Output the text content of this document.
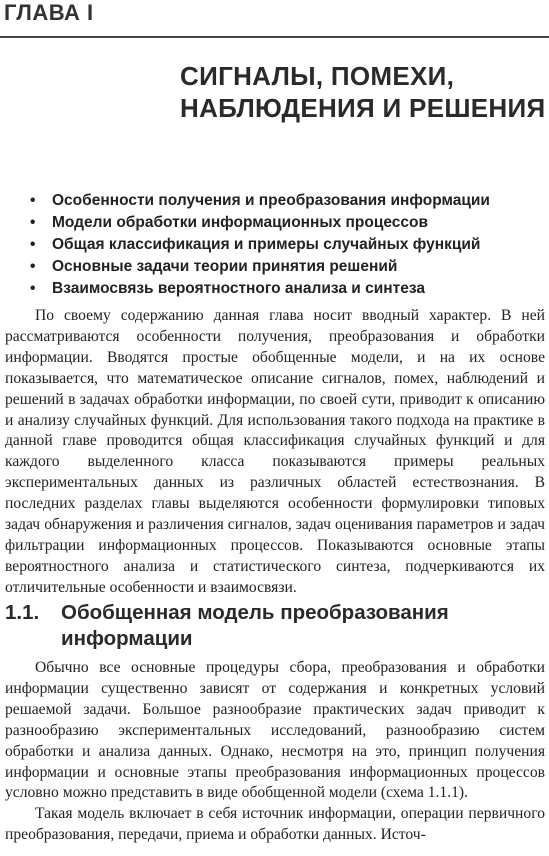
ГЛАВА I
СИГНАЛЫ, ПОМЕХИ,
НАБЛЮДЕНИЯ И РЕШЕНИЯ
• Особенности получения и преобразования информации
• Модели обработки информационных процессов
• Общая классификация и примеры случайных функций
• Основные задачи теории принятия решений
• Взаимосвязь вероятностного анализа и синтеза

По своему содержанию данная глава носит вводный характер. В ней рассматриваются особенности получения, преобразования и обработки информации. Вводятся простые обобщенные модели, и на их основе показывается, что математическое описание сигналов, помех, наблюдений и решений в задачах обработки информации, по своей сути, приводит к описанию и анализу случайных функций. Для использования такого подхода на практике в данной главе проводится общая классификация случайных функций и для каждого выделенного класса показываются примеры реальных экспериментальных данных из различных областей естествознания. В последних разделах главы выделяются особенности формулировки типовых задач обнаружения и различения сигналов, задач оценивания параметров и задач фильтрации информационных процессов. Показываются основные этапы вероятностного анализа и статистического синтеза, подчеркиваются их отличительные особенности и взаимосвязи.

1.1. Обобщенная модель преобразования
информации

Обычно все основные процедуры сбора, преобразования и обработки информации существенно зависят от содержания и конкретных условий решаемой задачи. Большое разнообразие практических задач приводит к разнообразию экспериментальных исследований, разнообразию систем обработки и анализа данных. Однако, несмотря на это, принцип получения информации и основные этапы преобразования информационных процессов условно можно представить в виде обобщенной модели (схема 1.1.1).

Такая модель включает в себя источник информации, операции первичного преобразования, передачи, приема и обработки данных. Источ-
